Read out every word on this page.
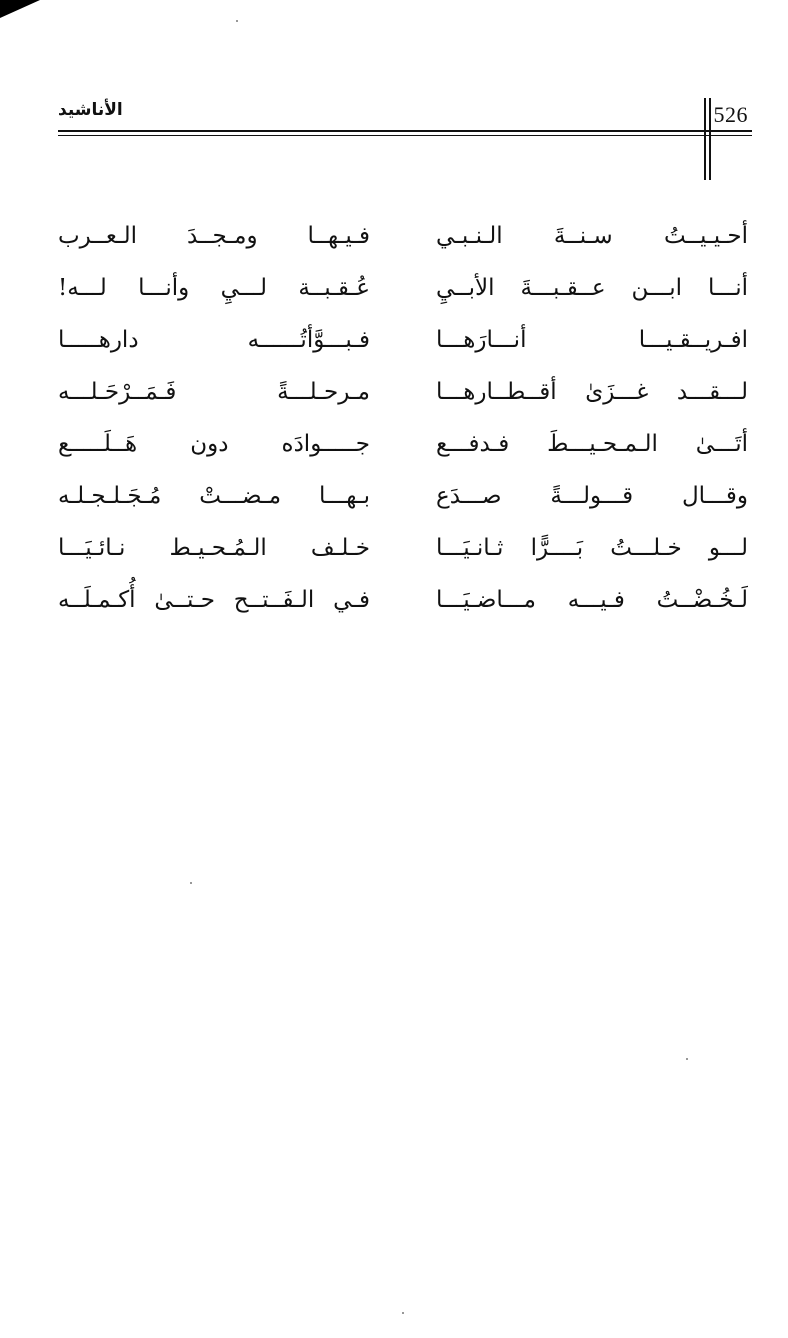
الأناشيد	526
أحـيـيــتُ سـنــةَ الـنـبـي
فـيـهــا ومـجــدَ الـعــرب
أنـــا ابـــن عــقـبـــةَ الأبــيِ
عُـقـبــة لـــيِ وأنـــا لـــه!
افـريــقـيـــا أنـــارَهـــا
فـبـــوَّأتُــــــه دارهـــــا
لـــقـــد غـــزَىٰ أقــطــارهـــا
مـرحـلـــةً فَـمَــرْحَـلـــه
أتَـــىٰ الـمـحـيـــطَ فـدفـــع
جـــــوادَه دون هَــلَـــــع
وقـــال قـــولـــةً صـــدَع
بـهـــا مـضـــتْ مُـجَـلـجـلـه
لـــو خـلـــتُ بَــــرًّا ثـانـيَـــا
خـلـف الـمُـحـيـط نـائـيَـــا
لَـخُـضْــتُ فـيـــه مـــاضـيَـــا
فـي الـفَــتــح حـتــىٰ أُكـمـلَــه
